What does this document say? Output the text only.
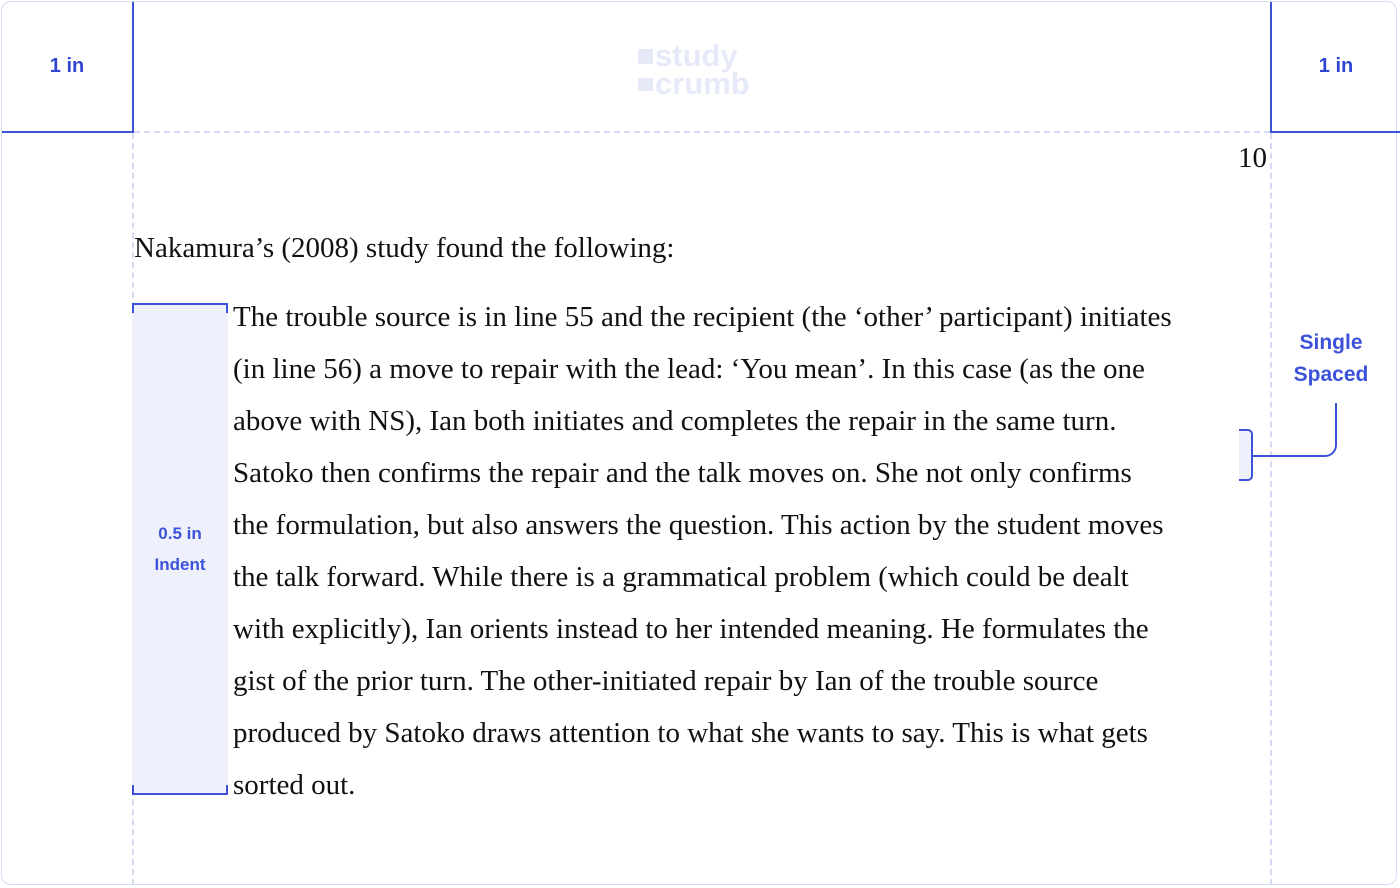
1 in	1 in
study
crumb
10
Nakamura’s (2008) study found the following:
0.5 in
Indent
The trouble source is in line 55 and the recipient (the ‘other’ participant) initiates
(in line 56) a move to repair with the lead: ‘You mean’. In this case (as the one
above with NS), Ian both initiates and completes the repair in the same turn.
Satoko then confirms the repair and the talk moves on. She not only confirms
the formulation, but also answers the question. This action by the student moves
the talk forward. While there is a grammatical problem (which could be dealt
with explicitly), Ian orients instead to her intended meaning. He formulates the
gist of the prior turn. The other-initiated repair by Ian of the trouble source
produced by Satoko draws attention to what she wants to say. This is what gets
sorted out.
Single
Spaced
